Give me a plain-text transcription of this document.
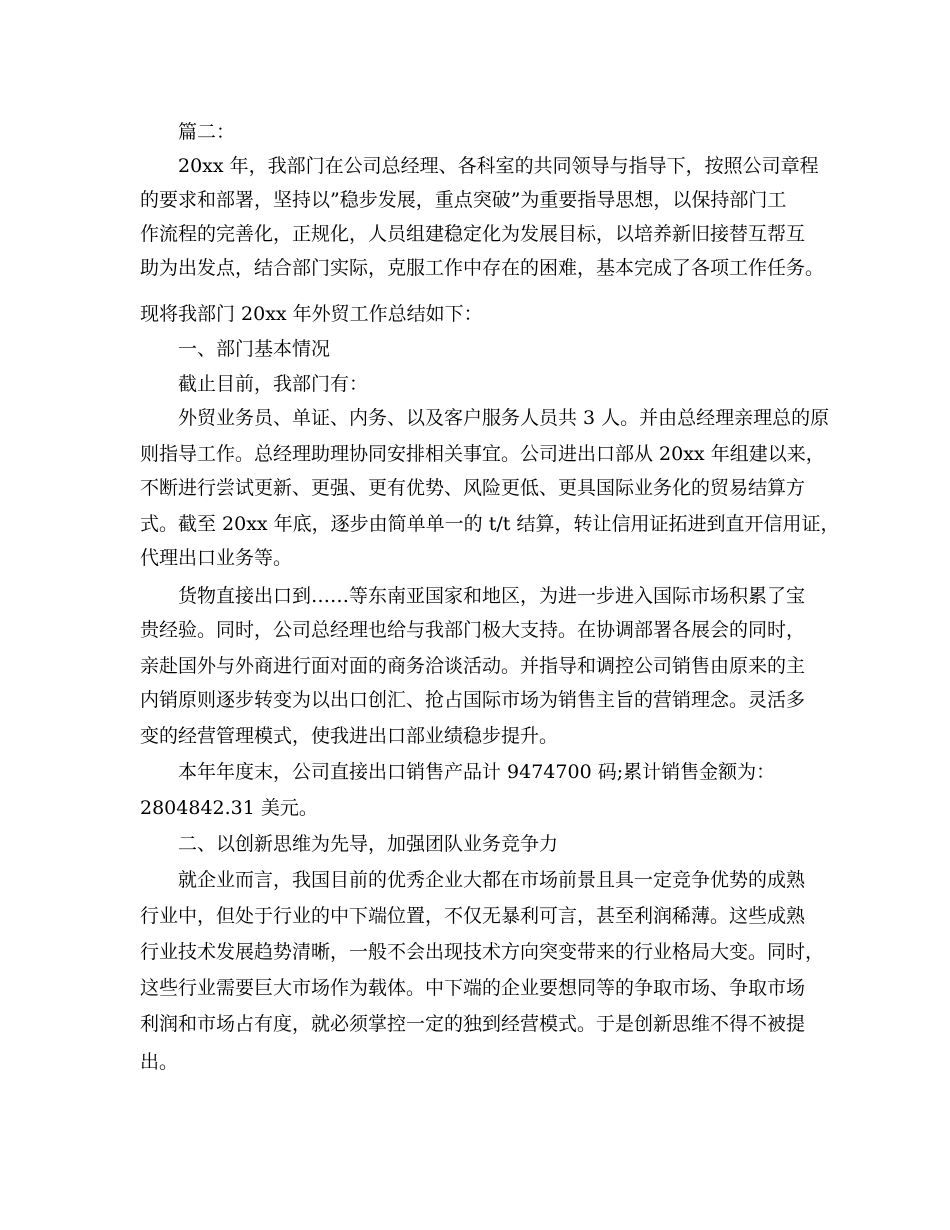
篇二：
20xx 年，我部门在公司总经理、各科室的共同领导与指导下，按照公司章程
的要求和部署，坚持以”稳步发展，重点突破”为重要指导思想，以保持部门工
作流程的完善化，正规化，人员组建稳定化为发展目标，以培养新旧接替互帮互
助为出发点，结合部门实际，克服工作中存在的困难，基本完成了各项工作任务。
现将我部门 20xx 年外贸工作总结如下：
一、部门基本情况
截止目前，我部门有：
外贸业务员、单证、内务、以及客户服务人员共 3 人。并由总经理亲理总的原
则指导工作。总经理助理协同安排相关事宜。公司进出口部从 20xx 年组建以来，
不断进行尝试更新、更强、更有优势、风险更低、更具国际业务化的贸易结算方
式。截至 20xx 年底，逐步由简单单一的 t/t 结算，转让信用证拓进到直开信用证，
代理出口业务等。
货物直接出口到……等东南亚国家和地区，为进一步进入国际市场积累了宝
贵经验。同时，公司总经理也给与我部门极大支持。在协调部署各展会的同时，
亲赴国外与外商进行面对面的商务洽谈活动。并指导和调控公司销售由原来的主
内销原则逐步转变为以出口创汇、抢占国际市场为销售主旨的营销理念。灵活多
变的经营管理模式，使我进出口部业绩稳步提升。
本年年度末，公司直接出口销售产品计 9474700 码;累计销售金额为：
2804842.31 美元。
二、以创新思维为先导，加强团队业务竞争力
就企业而言，我国目前的优秀企业大都在市场前景且具一定竞争优势的成熟
行业中，但处于行业的中下端位置，不仅无暴利可言，甚至利润稀薄。这些成熟
行业技术发展趋势清晰，一般不会出现技术方向突变带来的行业格局大变。同时，
这些行业需要巨大市场作为载体。中下端的企业要想同等的争取市场、争取市场
利润和市场占有度，就必须掌控一定的独到经营模式。于是创新思维不得不被提
出。
